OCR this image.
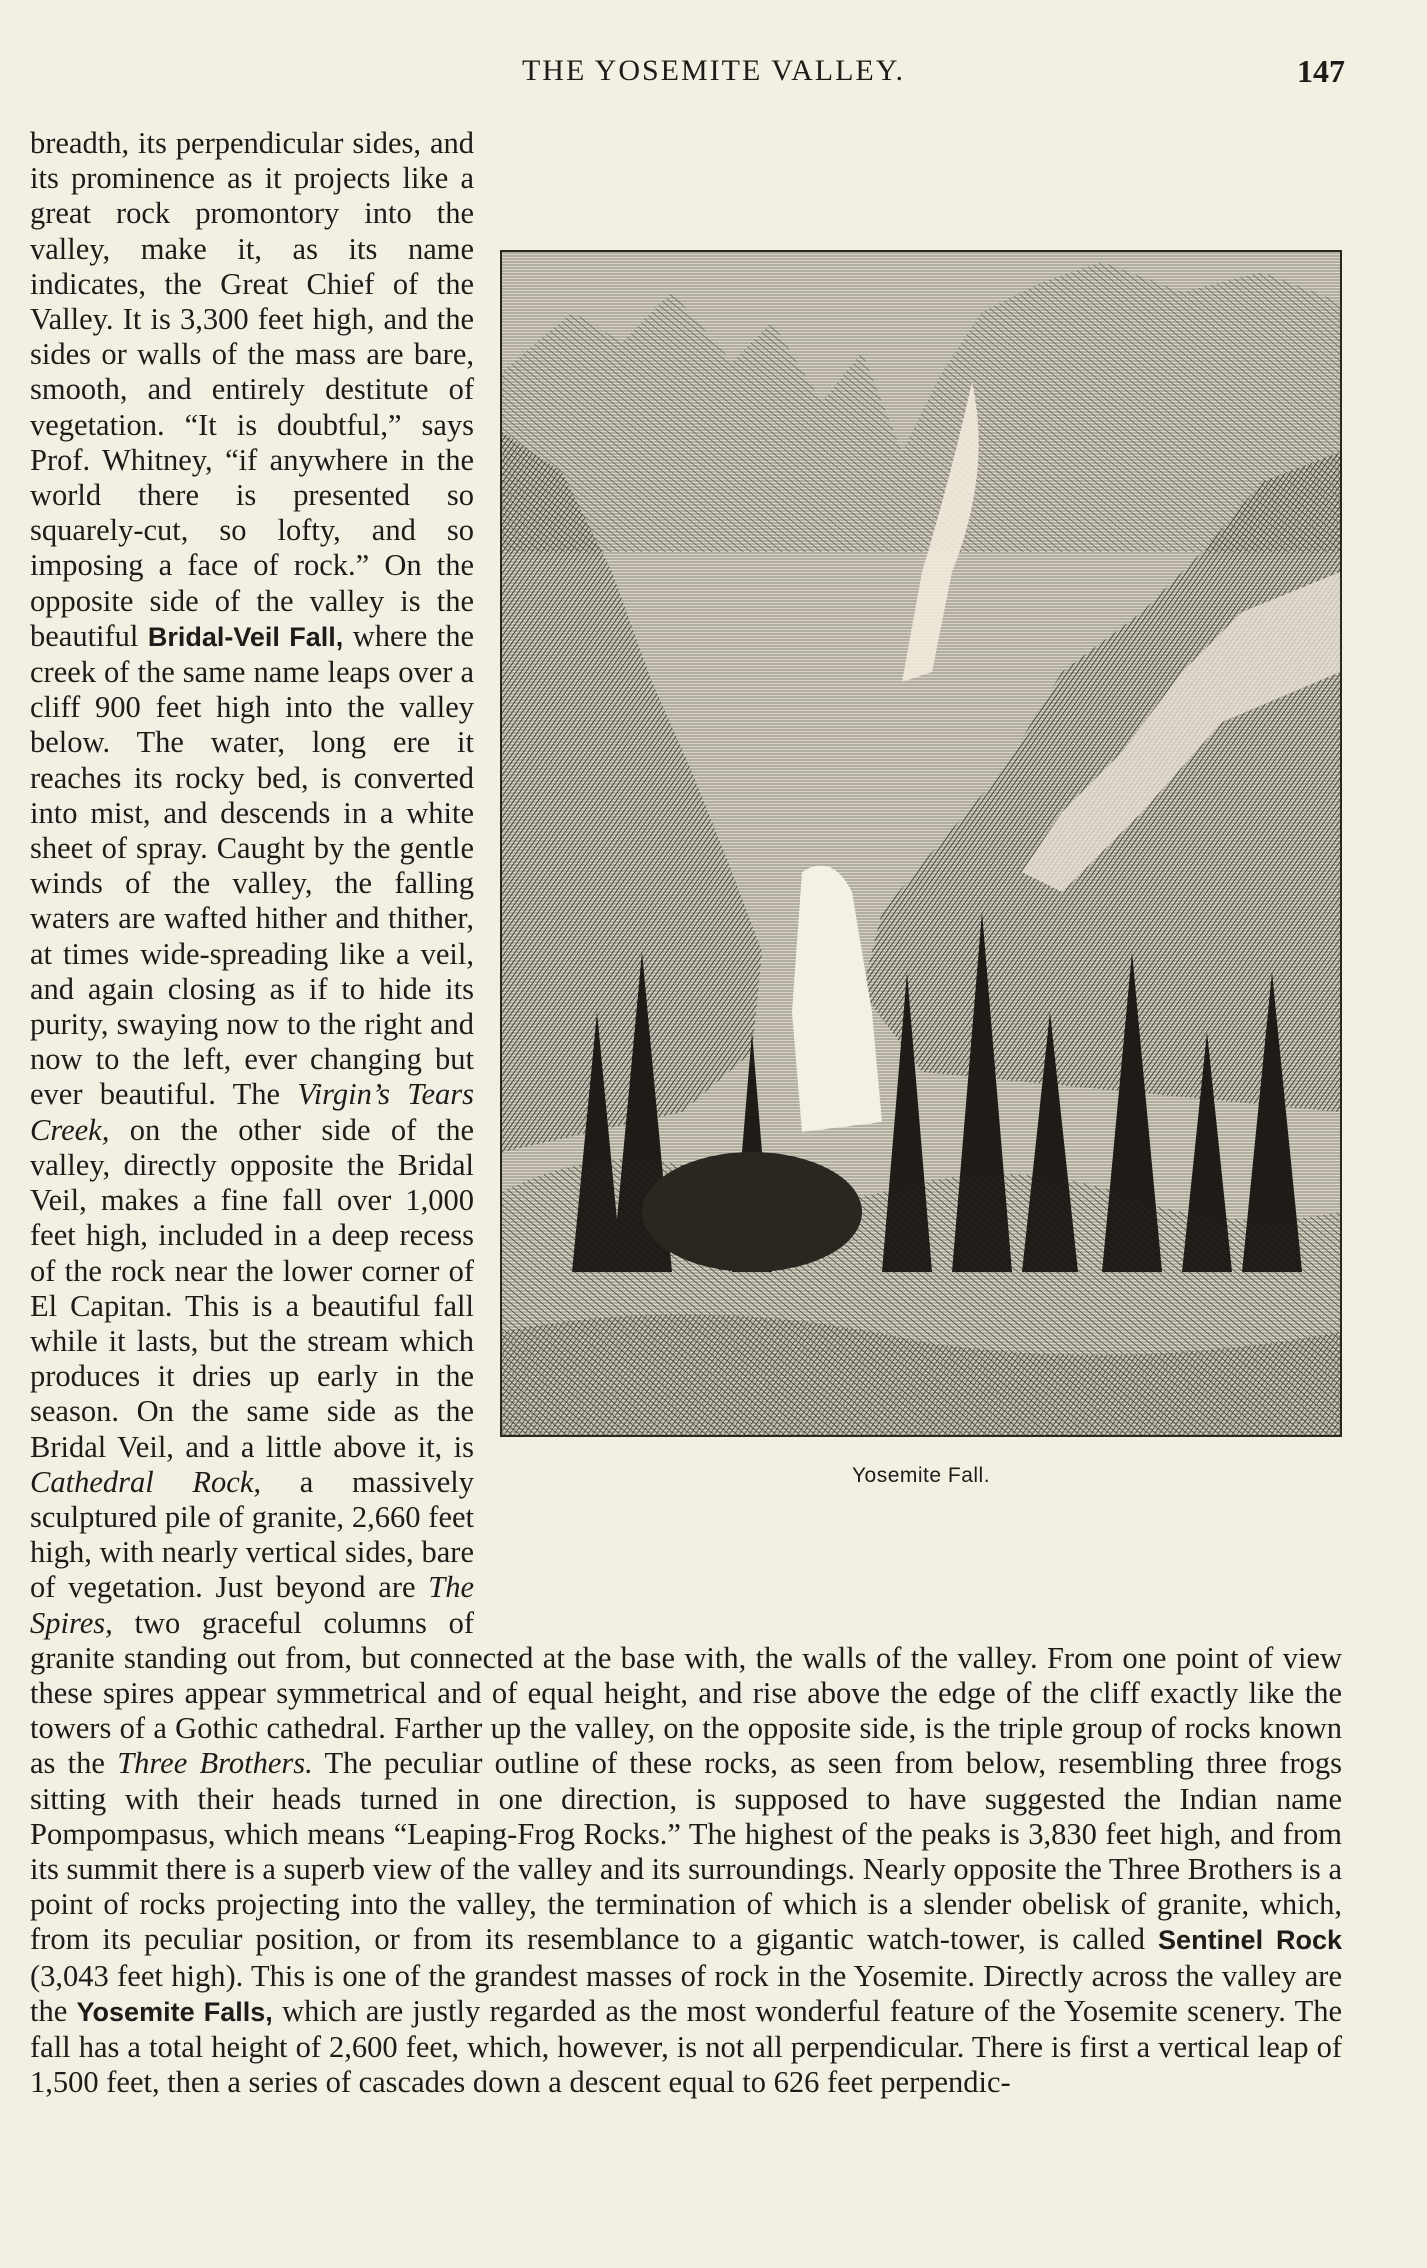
THE YOSEMITE VALLEY.	147
Yosemite Fall.

breadth, its perpendicular sides, and its prominence as it projects like a great rock promontory into the valley, make it, as its name indicates, the Great Chief of the Valley. It is 3,300 feet high, and the sides or walls of the mass are bare, smooth, and entirely destitute of vegetation. “It is doubtful,” says Prof. Whitney, “if anywhere in the world there is presented so squarely-cut, so lofty, and so imposing a face of rock.” On the opposite side of the valley is the beautiful Bridal-Veil Fall, where the creek of the same name leaps over a cliff 900 feet high into the valley below. The water, long ere it reaches its rocky bed, is converted into mist, and descends in a white sheet of spray. Caught by the gentle winds of the valley, the falling waters are wafted hither and thither, at times wide-spreading like a veil, and again closing as if to hide its purity, swaying now to the right and now to the left, ever changing but ever beautiful. The Virgin’s Tears Creek, on the other side of the valley, directly opposite the Bridal Veil, makes a fine fall over 1,000 feet high, included in a deep recess of the rock near the lower corner of El Capitan. This is a beautiful fall while it lasts, but the stream which produces it dries up early in the season. On the same side as the Bridal Veil, and a little above it, is Cathedral Rock, a massively sculptured pile of granite, 2,660 feet high, with nearly vertical sides, bare of vegetation. Just beyond are The Spires, two graceful columns of granite standing out from, but connected at the base with, the walls of the valley. From one point of view these spires appear symmetrical and of equal height, and rise above the edge of the cliff exactly like the towers of a Gothic cathedral. Farther up the valley, on the opposite side, is the triple group of rocks known as the Three Brothers. The peculiar outline of these rocks, as seen from below, resembling three frogs sitting with their heads turned in one direction, is supposed to have suggested the Indian name Pompompasus, which means “Leaping-Frog Rocks.” The highest of the peaks is 3,830 feet high, and from its summit there is a superb view of the valley and its surroundings. Nearly opposite the Three Brothers is a point of rocks projecting into the valley, the termination of which is a slender obelisk of granite, which, from its peculiar position, or from its resemblance to a gigantic watch-tower, is called Sentinel Rock (3,043 feet high). This is one of the grandest masses of rock in the Yosemite. Directly across the valley are the Yosemite Falls, which are justly regarded as the most wonderful feature of the Yosemite scenery. The fall has a total height of 2,600 feet, which, however, is not all perpendicular. There is first a vertical leap of 1,500 feet, then a series of cascades down a descent equal to 626 feet perpendic-
